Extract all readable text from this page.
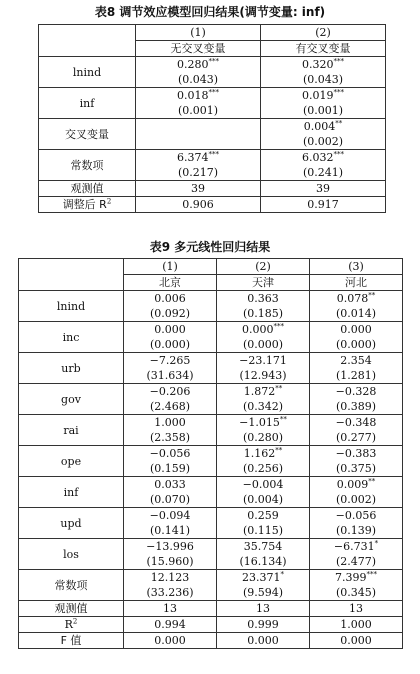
表8 调节效应模型回归结果(调节变量: inf)
	(1)	(2)
	无交叉变量	有交叉变量
lnind	0.280***	0.320***
	(0.043)	(0.043)
inf	0.018***	0.019***
	(0.001)	(0.001)
交叉变量		0.004**
		(0.002)
常数项	6.374***	6.032***
	(0.217)	(0.241)
观测值	39	39
调整后 $R^2$	0.906	0.917
表9 多元线性回归结果
	(1)	(2)	(3)
	北京	天津	河北
lnind	0.006	0.363	0.078**
	(0.092)	(0.185)	(0.014)
inc	0.000	0.000***	0.000
	(0.000)	(0.000)	(0.000)
urb	−7.265	−23.171	2.354
	(31.634)	(12.943)	(1.281)
gov	−0.206	1.872**	−0.328
	(2.468)	(0.342)	(0.389)
rai	1.000	−1.015**	−0.348
	(2.358)	(0.280)	(0.277)
ope	−0.056	1.162**	−0.383
	(0.159)	(0.256)	(0.375)
inf	0.033	−0.004	0.009**
	(0.070)	(0.004)	(0.002)
upd	−0.094	0.259	−0.056
	(0.141)	(0.115)	(0.139)
los	−13.996	35.754	−6.731*
	(15.960)	(16.134)	(2.477)
常数项	12.123	23.371*	7.399***
	(33.236)	(9.594)	(0.345)
观测值	13	13	13
$R^2$	0.994	0.999	1.000
F 值	0.000	0.000	0.000
